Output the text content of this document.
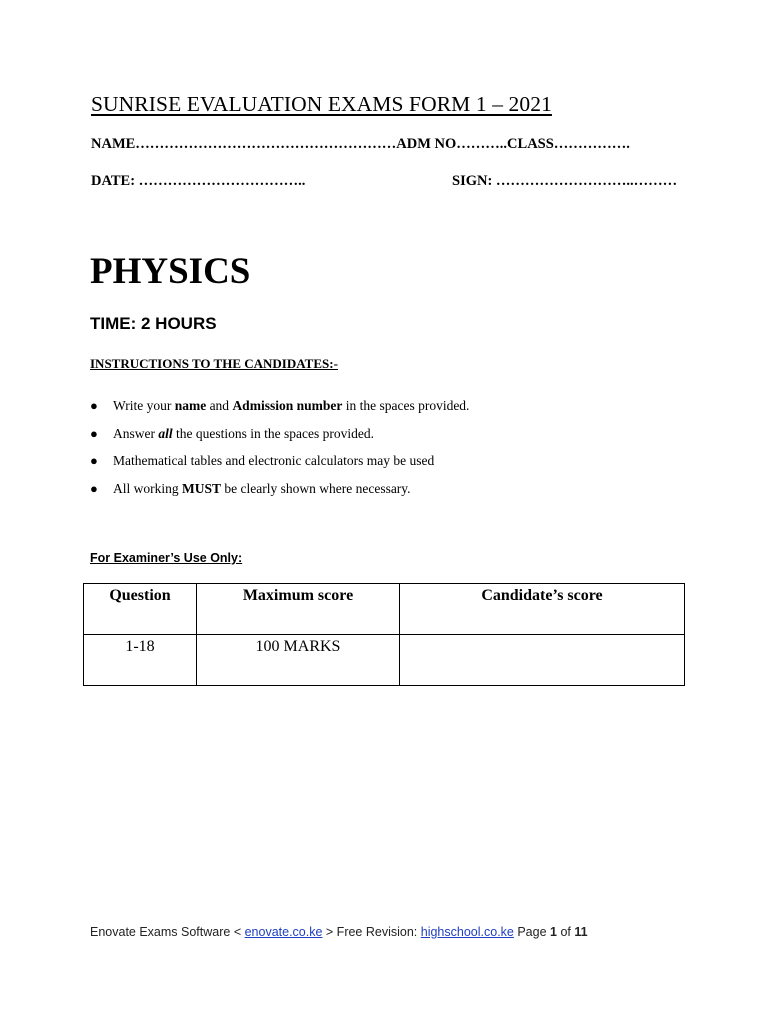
SUNRISE EVALUATION EXAMS FORM 1 – 2021
NAME………………………………………………ADM NO………..CLASS…………….
DATE: ……………………………..	SIGN: ………………………..………
PHYSICS
TIME: 2 HOURS
INSTRUCTIONS TO THE CANDIDATES:-
● Write your name and Admission number in the spaces provided.
● Answer all the questions in the spaces provided.
● Mathematical tables and electronic calculators may be used
● All working MUST be clearly shown where necessary.
For Examiner’s Use Only:
Question	Maximum score	Candidate’s score
1-18	100 MARKS	
Enovate Exams Software < enovate.co.ke > Free Revision: highschool.co.ke Page 1 of 11
